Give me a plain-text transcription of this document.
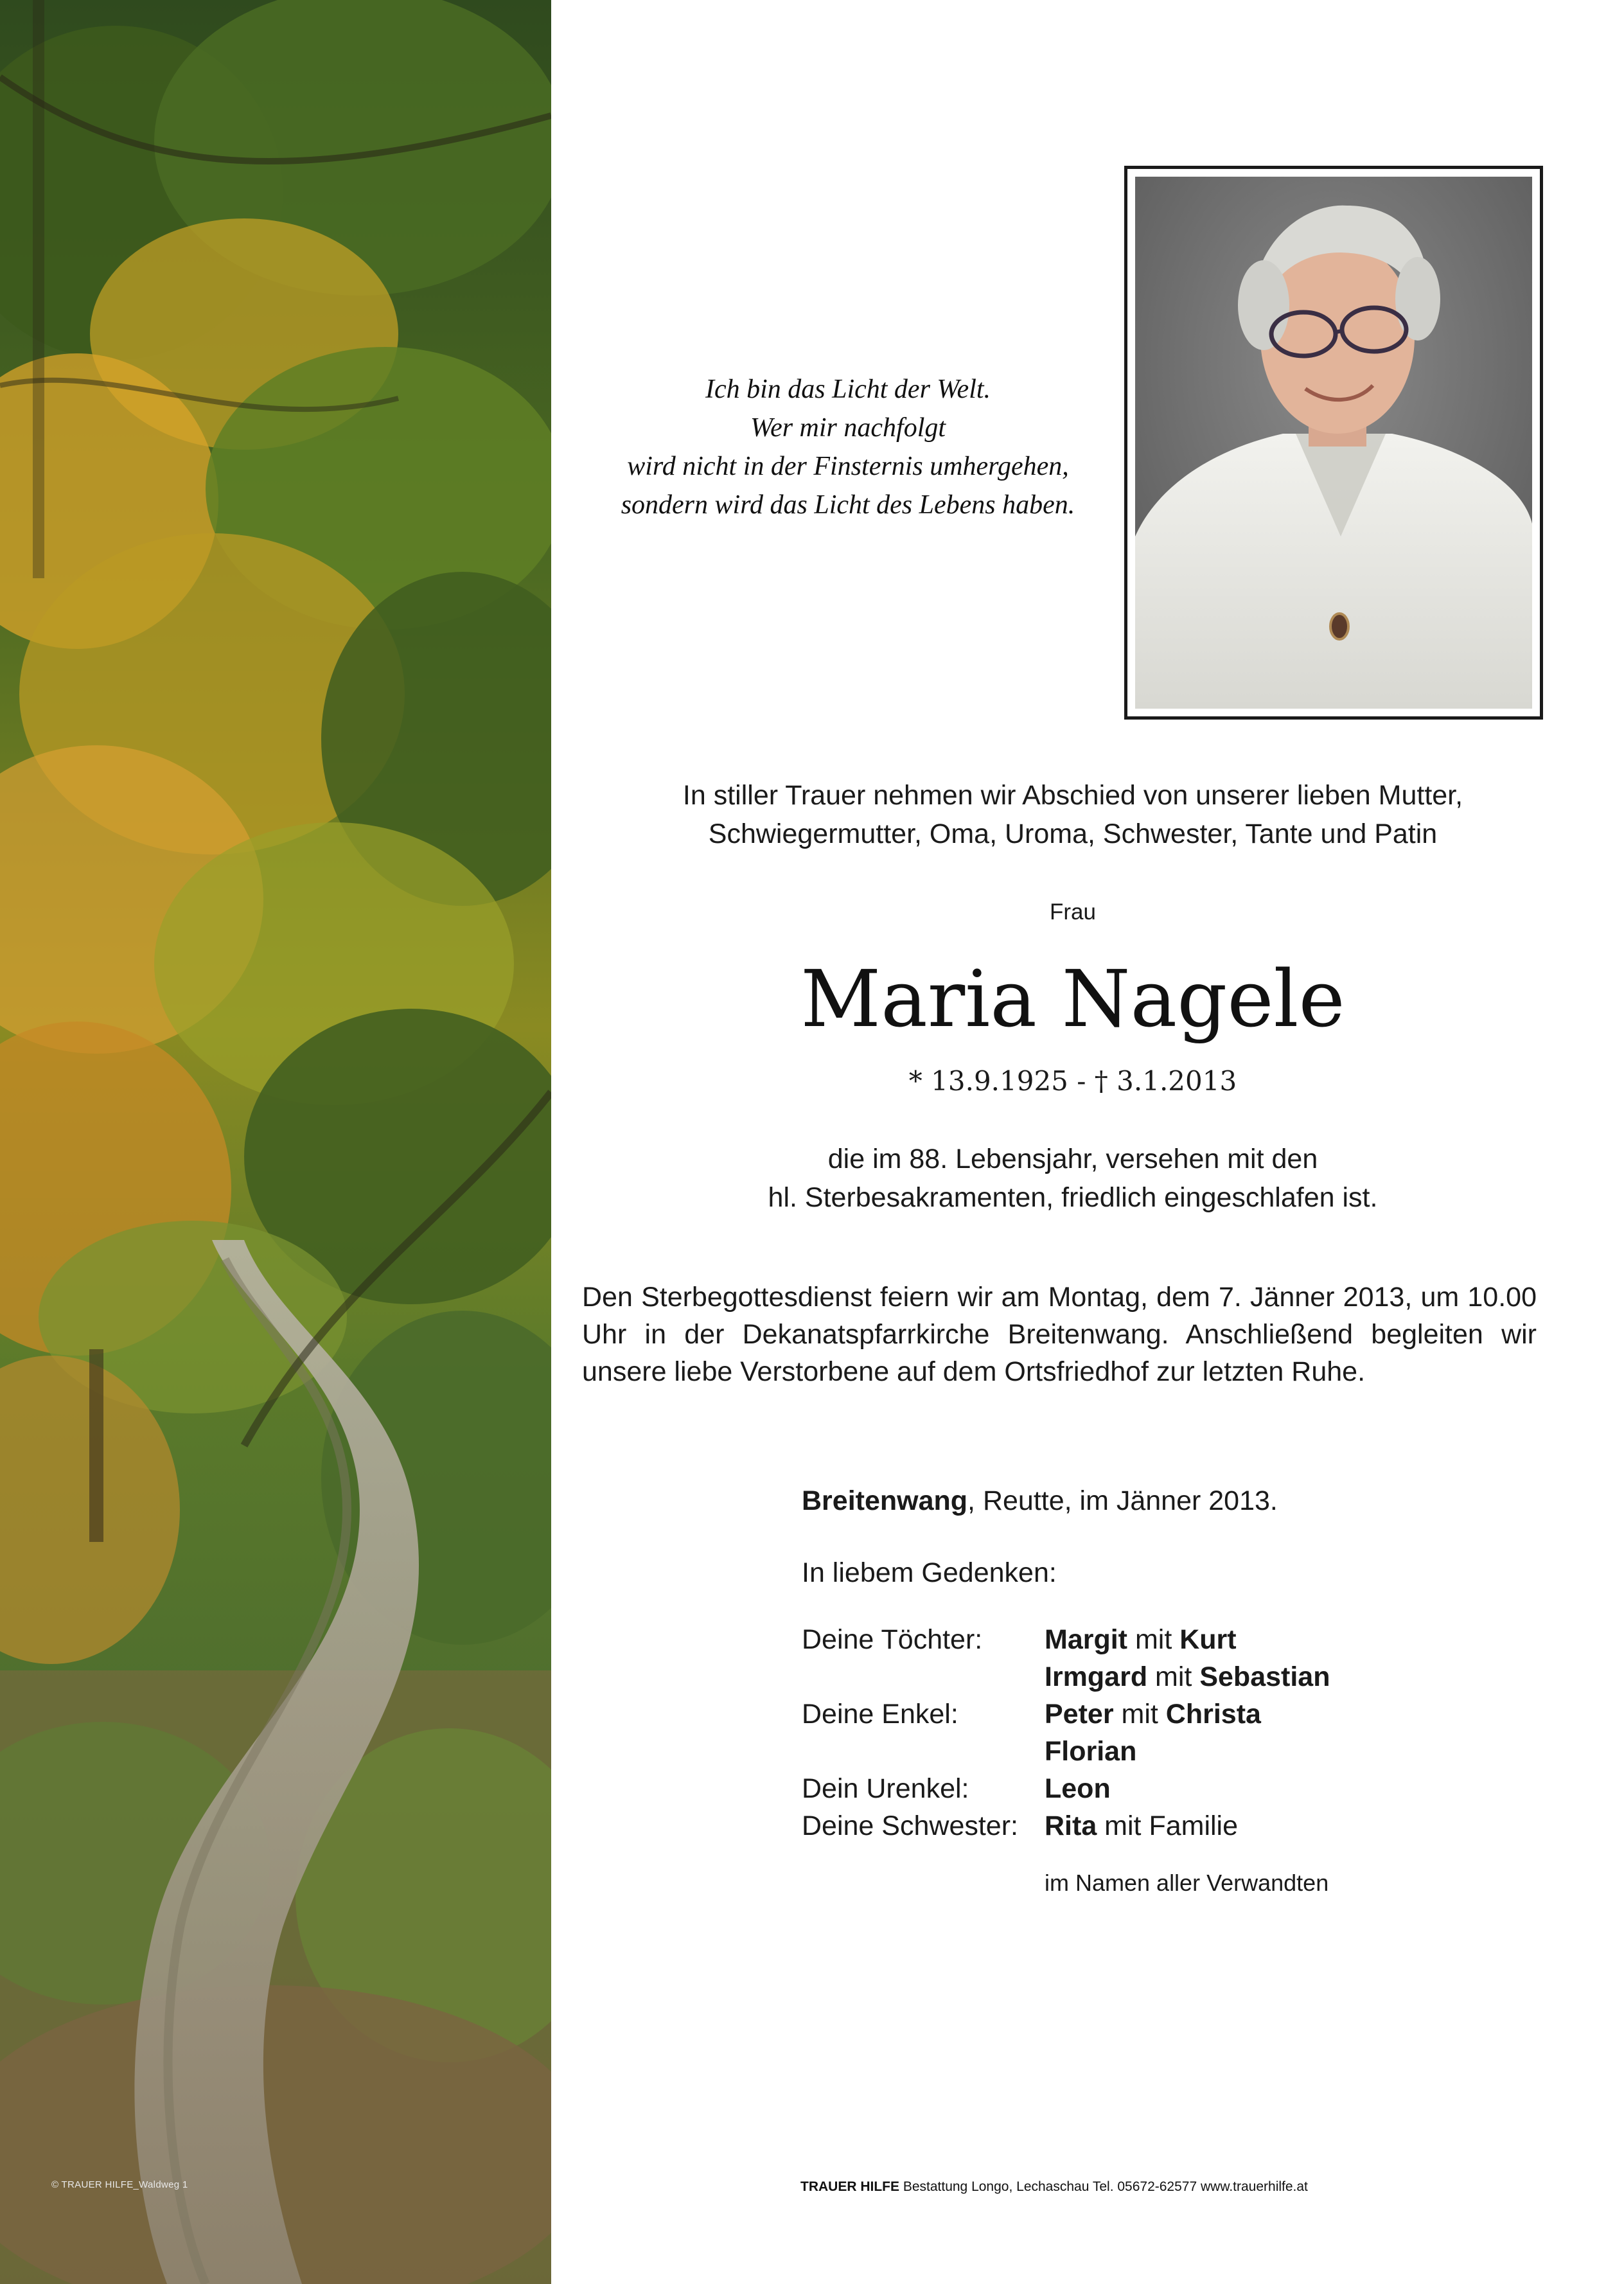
© TRAUER HILFE_Waldweg 1
Ich bin das Licht der Welt.
Wer mir nachfolgt
wird nicht in der Finsternis umhergehen,
sondern wird das Licht des Lebens haben.
In stiller Trauer nehmen wir Abschied von unserer lieben Mutter,
Schwiegermutter, Oma, Uroma, Schwester, Tante und Patin
Frau
Maria Nagele
* 13.9.1925 - † 3.1.2013
die im 88. Lebensjahr, versehen mit den
hl. Sterbesakramenten, friedlich eingeschlafen ist.
Den Sterbegottesdienst feiern wir am Montag, dem 7. Jänner 2013, um 10.00 Uhr in der Dekanatspfarrkirche Breitenwang. Anschließend begleiten wir unsere liebe Verstorbene auf dem Ortsfriedhof zur letzten Ruhe.
Breitenwang, Reutte, im Jänner 2013.
In liebem Gedenken:
Deine Töchter: Margit mit Kurt
Irmgard mit Sebastian
Deine Enkel:	Peter mit Christa
Florian
Dein Urenkel:	Leon
Deine Schwester: Rita mit Familie
im Namen aller Verwandten
TRAUER HILFE Bestattung Longo, Lechaschau Tel. 05672-62577 www.trauerhilfe.at
